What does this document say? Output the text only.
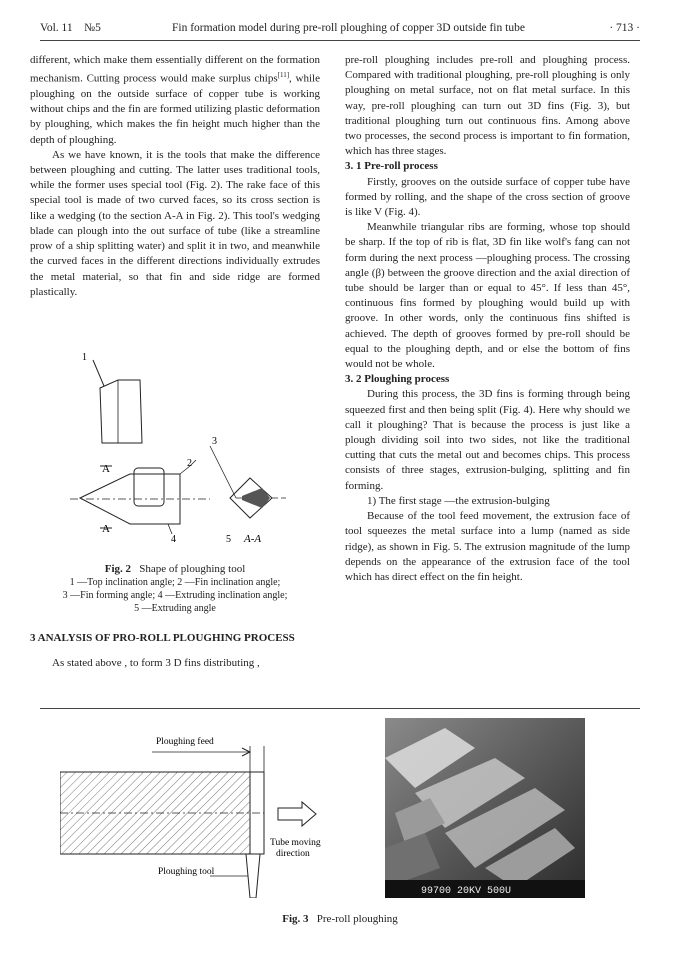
Vol. 11 №5	Fin formation model during pre-roll ploughing of copper 3D outside fin tube	· 713 ·

different, which make them essentially different on the formation mechanism. Cutting process would make surplus chips[11], while ploughing on the outside surface of copper tube is working without chips and the fin are formed utilizing plastic deformation by ploughing, which makes the fin height much higher than the depth of ploughing.

As we have known, it is the tools that make the difference between ploughing and cutting. The latter uses traditional tools, while the former uses special tool (Fig. 2). The rake face of this special tool is made of two curved faces, so its cross section is like a wedging (to the section A-A in Fig. 2). This tool's wedging blade can plough into the out surface of tube (like a streamline prow of a ship splitting water) and split it in two, and meanwhile the curved faces in the different directions individually extrudes the metal material, so that fin and side ridge are formed plastically.

1
A
A
2
4
3
5 A-A
Fig. 2 Shape of ploughing tool
1 —Top inclination angle; 2 —Fin inclination angle;
3 —Fin forming angle; 4 —Extruding inclination angle;
5 —Extruding angle

3 ANALYSIS OF PRO-ROLL PLOUGHING PROCESS

As stated above , to form 3 D fins distributing ,

pre-roll ploughing includes pre-roll and ploughing process. Compared with traditional ploughing, pre-roll ploughing is only ploughing on metal surface, not on flat metal surface. In this way, pre-roll ploughing can turn out 3D fins (Fig. 3), but traditional ploughing turn out continuous fins. Among above two processes, the second process is important to fin formation, which has three stages.

3. 1 Pre-roll process

Firstly, grooves on the outside surface of copper tube have formed by rolling, and the shape of the cross section of groove is like V (Fig. 4).

Meanwhile triangular ribs are forming, whose top should be sharp. If the top of rib is flat, 3D fin like wolf's fang can not form during the next process —ploughing process. The crossing angle (β) between the groove direction and the axial direction of tube should be larger than or equal to 45°. If less than 45°, continuous fins formed by ploughing would build up with groove. In other words, only the continuous fins shifted is achieved. The depth of grooves formed by pre-roll should be equal to the ploughing depth, and or else the bottom of fins would not be whole.

3. 2 Ploughing process

During this process, the 3D fins is forming through being squeezed first and then being split (Fig. 4). Here why should we call it ploughing? That is because the process is just like a plough dividing soil into two sides, not like the traditional cutting that cuts the metal out and becomes chips. This process consists of three stages, extrusion-bulging, splitting and fin forming.

1) The first stage —the extrusion-bulging

Because of the tool feed movement, the extrusion face of tool squeezes the metal surface into a lump (named as side ridge), as shown in Fig. 5. The extrusion magnitude of the lump depends on the appearance of the extrusion face of the tool which has direct effect on the fin height.

Ploughing feed
Tube moving
direction
Ploughing tool
99700 20KV 500U
Fig. 3 Pre-roll ploughing
